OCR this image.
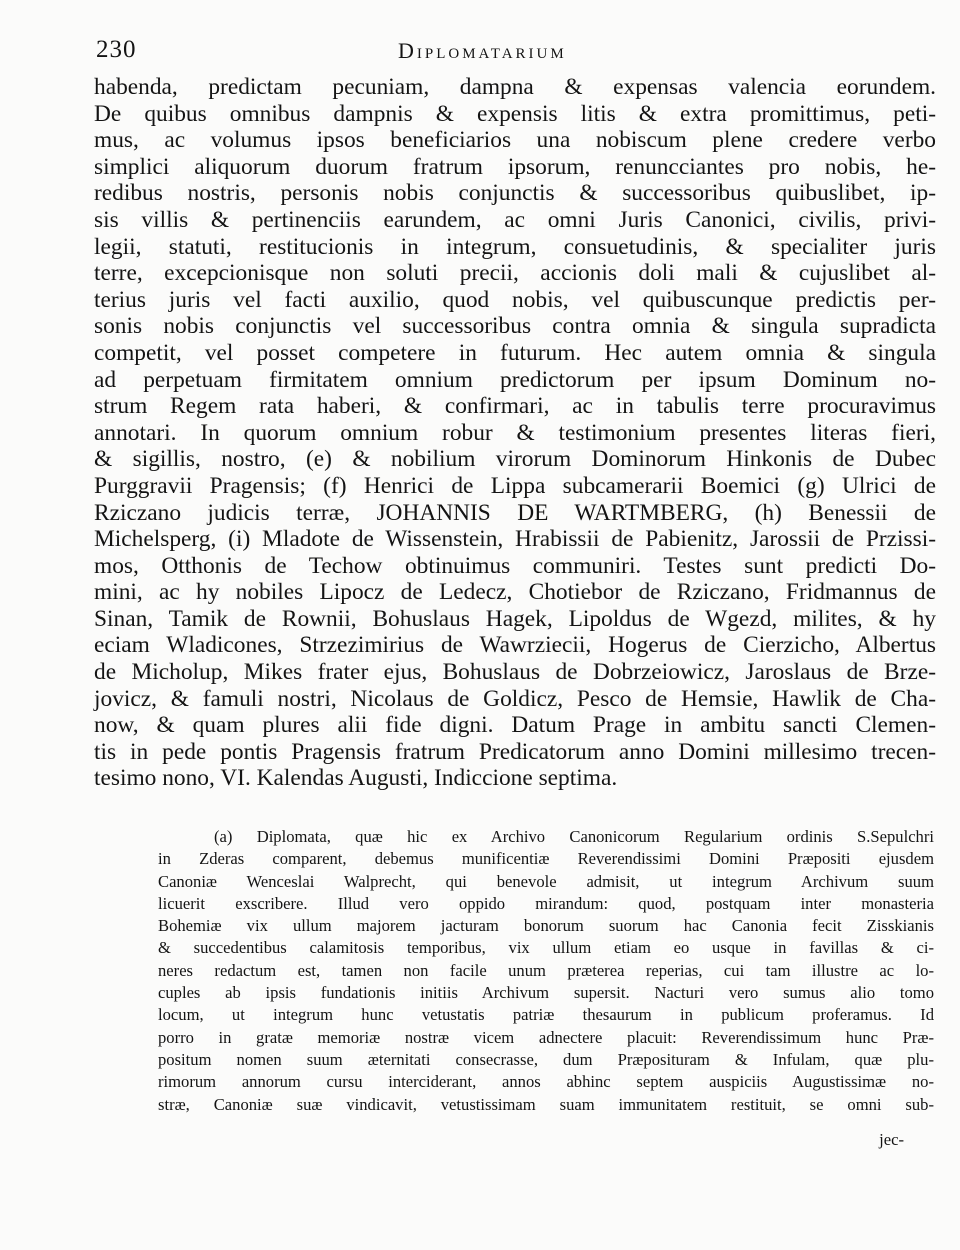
230	Diplomatarium
habenda, predictam pecuniam, dampna & expensas valencia eorundem.
De quibus omnibus dampnis & expensis litis & extra promittimus, peti-
mus, ac volumus ipsos beneficiarios una nobiscum plene credere verbo
simplici aliquorum duorum fratrum ipsorum, renuncciantes pro nobis, he-
redibus nostris, personis nobis conjunctis & successoribus quibuslibet, ip-
sis villis & pertinenciis earundem, ac omni Juris Canonici, civilis, privi-
legii, statuti, restitucionis in integrum, consuetudinis, & specialiter juris
terre, excepcionisque non soluti precii, accionis doli mali & cujuslibet al-
terius juris vel facti auxilio, quod nobis, vel quibuscunque predictis per-
sonis nobis conjunctis vel successoribus contra omnia & singula supradicta
competit, vel posset competere in futurum. Hec autem omnia & singula
ad perpetuam firmitatem omnium predictorum per ipsum Dominum no-
strum Regem rata haberi, & confirmari, ac in tabulis terre procuravimus
annotari. In quorum omnium robur & testimonium presentes literas fieri,
& sigillis, nostro, (e) & nobilium virorum Dominorum Hinkonis de Dubec
Purggravii Pragensis; (f) Henrici de Lippa subcamerarii Boemici (g) Ulrici de
Rziczano judicis terræ, JOHANNIS DE WARTMBERG, (h) Benessii de
Michelsperg, (i) Mladote de Wissenstein, Hrabissii de Pabienitz, Jarossii de Przissi-
mos, Otthonis de Techow obtinuimus communiri. Testes sunt predicti Do-
mini, ac hy nobiles Lipocz de Ledecz, Chotiebor de Rziczano, Fridmannus de
Sinan, Tamik de Rownii, Bohuslaus Hagek, Lipoldus de Wgezd, milites, & hy
eciam Wladicones, Strzezimirius de Wawrziecii, Hogerus de Cierzicho, Albertus
de Micholup, Mikes frater ejus, Bohuslaus de Dobrzeiowicz, Jaroslaus de Brze-
jovicz, & famuli nostri, Nicolaus de Goldicz, Pesco de Hemsie, Hawlik de Cha-
now, & quam plures alii fide digni. Datum Prage in ambitu sancti Clemen-
tis in pede pontis Pragensis fratrum Predicatorum anno Domini millesimo trecen-
tesimo nono, VI. Kalendas Augusti, Indiccione septima.
(a) Diplomata, quæ hic ex Archivo Canonicorum Regularium ordinis S.Sepulchri
in Zderas comparent, debemus munificentiæ Reverendissimi Domini Præpositi ejusdem
Canoniæ Wenceslai Walprecht, qui benevole admisit, ut integrum Archivum suum
licuerit exscribere. Illud vero oppido mirandum: quod, postquam inter monasteria
Bohemiæ vix ullum majorem jacturam bonorum suorum hac Canonia fecit Zisskianis
& succedentibus calamitosis temporibus, vix ullum etiam eo usque in favillas & ci-
neres redactum est, tamen non facile unum præterea reperias, cui tam illustre ac lo-
cuples ab ipsis fundationis initiis Archivum supersit. Nacturi vero sumus alio tomo
locum, ut integrum hunc vetustatis patriæ thesaurum in publicum proferamus. Id
porro in gratæ memoriæ nostræ vicem adnectere placuit: Reverendissimum hunc Præ-
positum nomen suum æternitati consecrasse, dum Præposituram & Infulam, quæ plu-
rimorum annorum cursu interciderant, annos abhinc septem auspiciis Augustissimæ no-
stræ, Canoniæ suæ vindicavit, vetustissimam suam immunitatem restituit, se omni sub-
jec-
